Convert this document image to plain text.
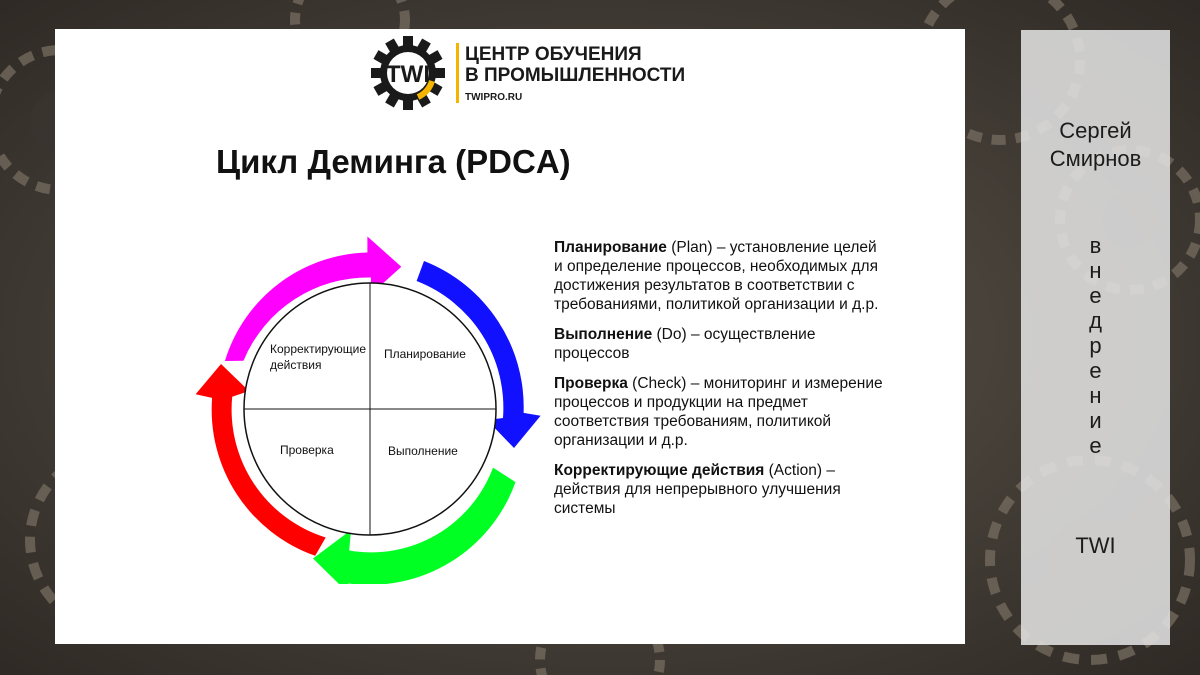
TWI
ЦЕНТР ОБУЧЕНИЯ
В ПРОМЫШЛЕННОСТИ
TWIPRO.RU
Цикл Деминга (PDCA)
Корректирующие
действия
Планирование
Проверка	Выполнение

Планирование (Plan) – установление целей и определение процессов, необходимых для достижения результатов в соответствии с требованиями, политикой организации и д.р.

Выполнение (Do) – осуществление процессов

Проверка (Check) – мониторинг и измерение процессов и продукции на предмет соответствия требованиям, политикой организации и д.р.

Корректирующие действия (Action) – действия для непрерывного улучшения системы

Сергей
Смирнов
в
н
е
д
р
е
н
и
е
TWI
